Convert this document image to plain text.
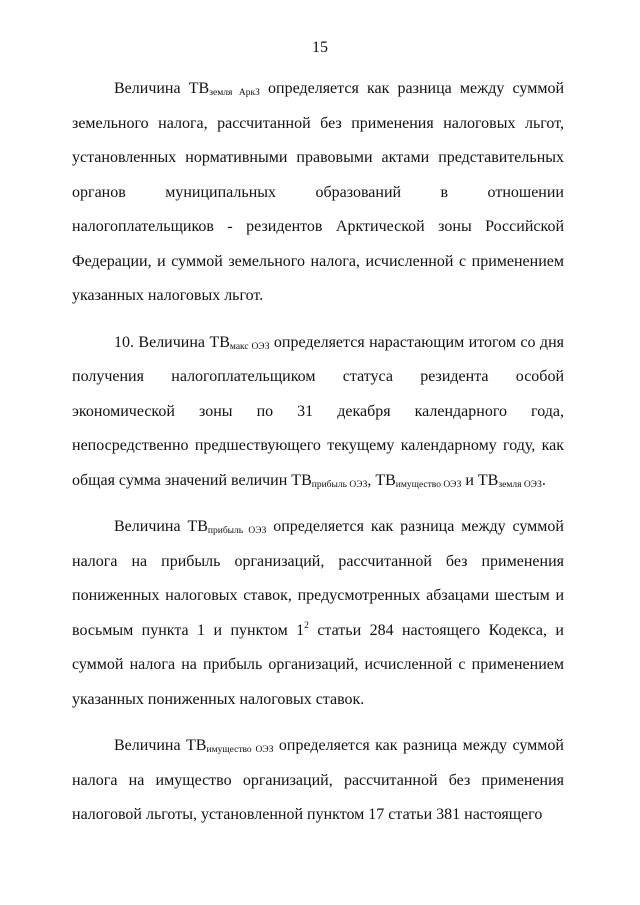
15

Величина $ТВ_{земля АркЗ}$ определяется как разница между суммой земельного налога, рассчитанной без применения налоговых льгот, установленных нормативными правовыми актами представительных органов муниципальных образований в отношении налогоплательщиков - резидентов Арктической зоны Российской Федерации, и суммой земельного налога, исчисленной с применением указанных налоговых льгот.

10. Величина $ТВ_{макс ОЭЗ}$ определяется нарастающим итогом со дня получения налогоплательщиком статуса резидента особой экономической зоны по 31 декабря календарного года, непосредственно предшествующего текущему календарному году, как общая сумма значений величин $ТВ_{прибыль ОЭЗ}$, $ТВ_{имущество ОЭЗ}$ и $ТВ_{земля ОЭЗ}$.

Величина $ТВ_{прибыль ОЭЗ}$ определяется как разница между суммой налога на прибыль организаций, рассчитанной без применения пониженных налоговых ставок, предусмотренных абзацами шестым и восьмым пункта 1 и пунктом $1^2$ статьи 284 настоящего Кодекса, и суммой налога на прибыль организаций, исчисленной с применением указанных пониженных налоговых ставок.

Величина $ТВ_{имущество ОЭЗ}$ определяется как разница между суммой налога на имущество организаций, рассчитанной без применения налоговой льготы, установленной пунктом 17 статьи 381 настоящего
